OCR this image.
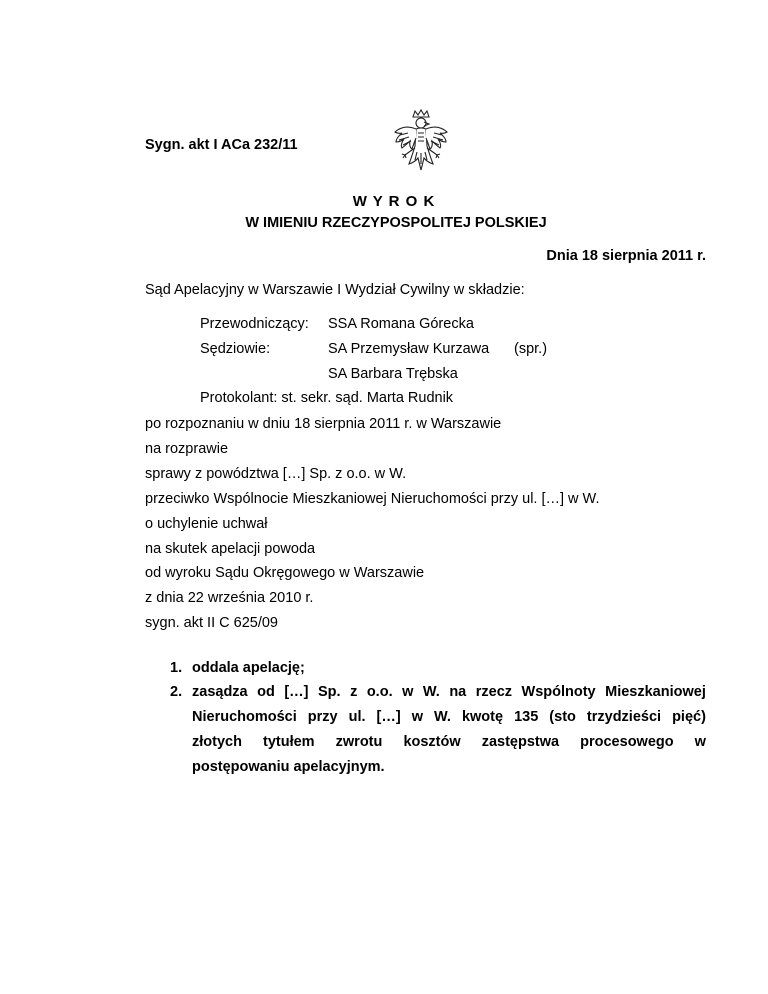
Sygn. akt I ACa 232/11
W Y R O K
W IMIENIU RZECZYPOSPOLITEJ POLSKIEJ
Dnia 18 sierpnia 2011 r.
Sąd Apelacyjny w Warszawie I Wydział Cywilny w składzie:
Przewodniczący: SSA Romana Górecka
Sędziowie:	SA Przemysław Kurzawa (spr.)
SA Barbara Trębska
Protokolant: st. sekr. sąd. Marta Rudnik
po rozpoznaniu w dniu 18 sierpnia 2011 r. w Warszawie
na rozprawie
sprawy z powództwa […] Sp. z o.o. w W.
przeciwko Wspólnocie Mieszkaniowej Nieruchomości przy ul. […] w W.
o uchylenie uchwał
na skutek apelacji powoda
od wyroku Sądu Okręgowego w Warszawie
z dnia 22 września 2010 r.
sygn. akt II C 625/09
1. oddala apelację;
2. zasądza od […] Sp. z o.o. w W. na rzecz Wspólnoty Mieszkaniowej
Nieruchomości przy ul. […] w W. kwotę 135 (sto trzydzieści pięć)
złotych tytułem zwrotu kosztów zastępstwa procesowego w
postępowaniu apelacyjnym.
